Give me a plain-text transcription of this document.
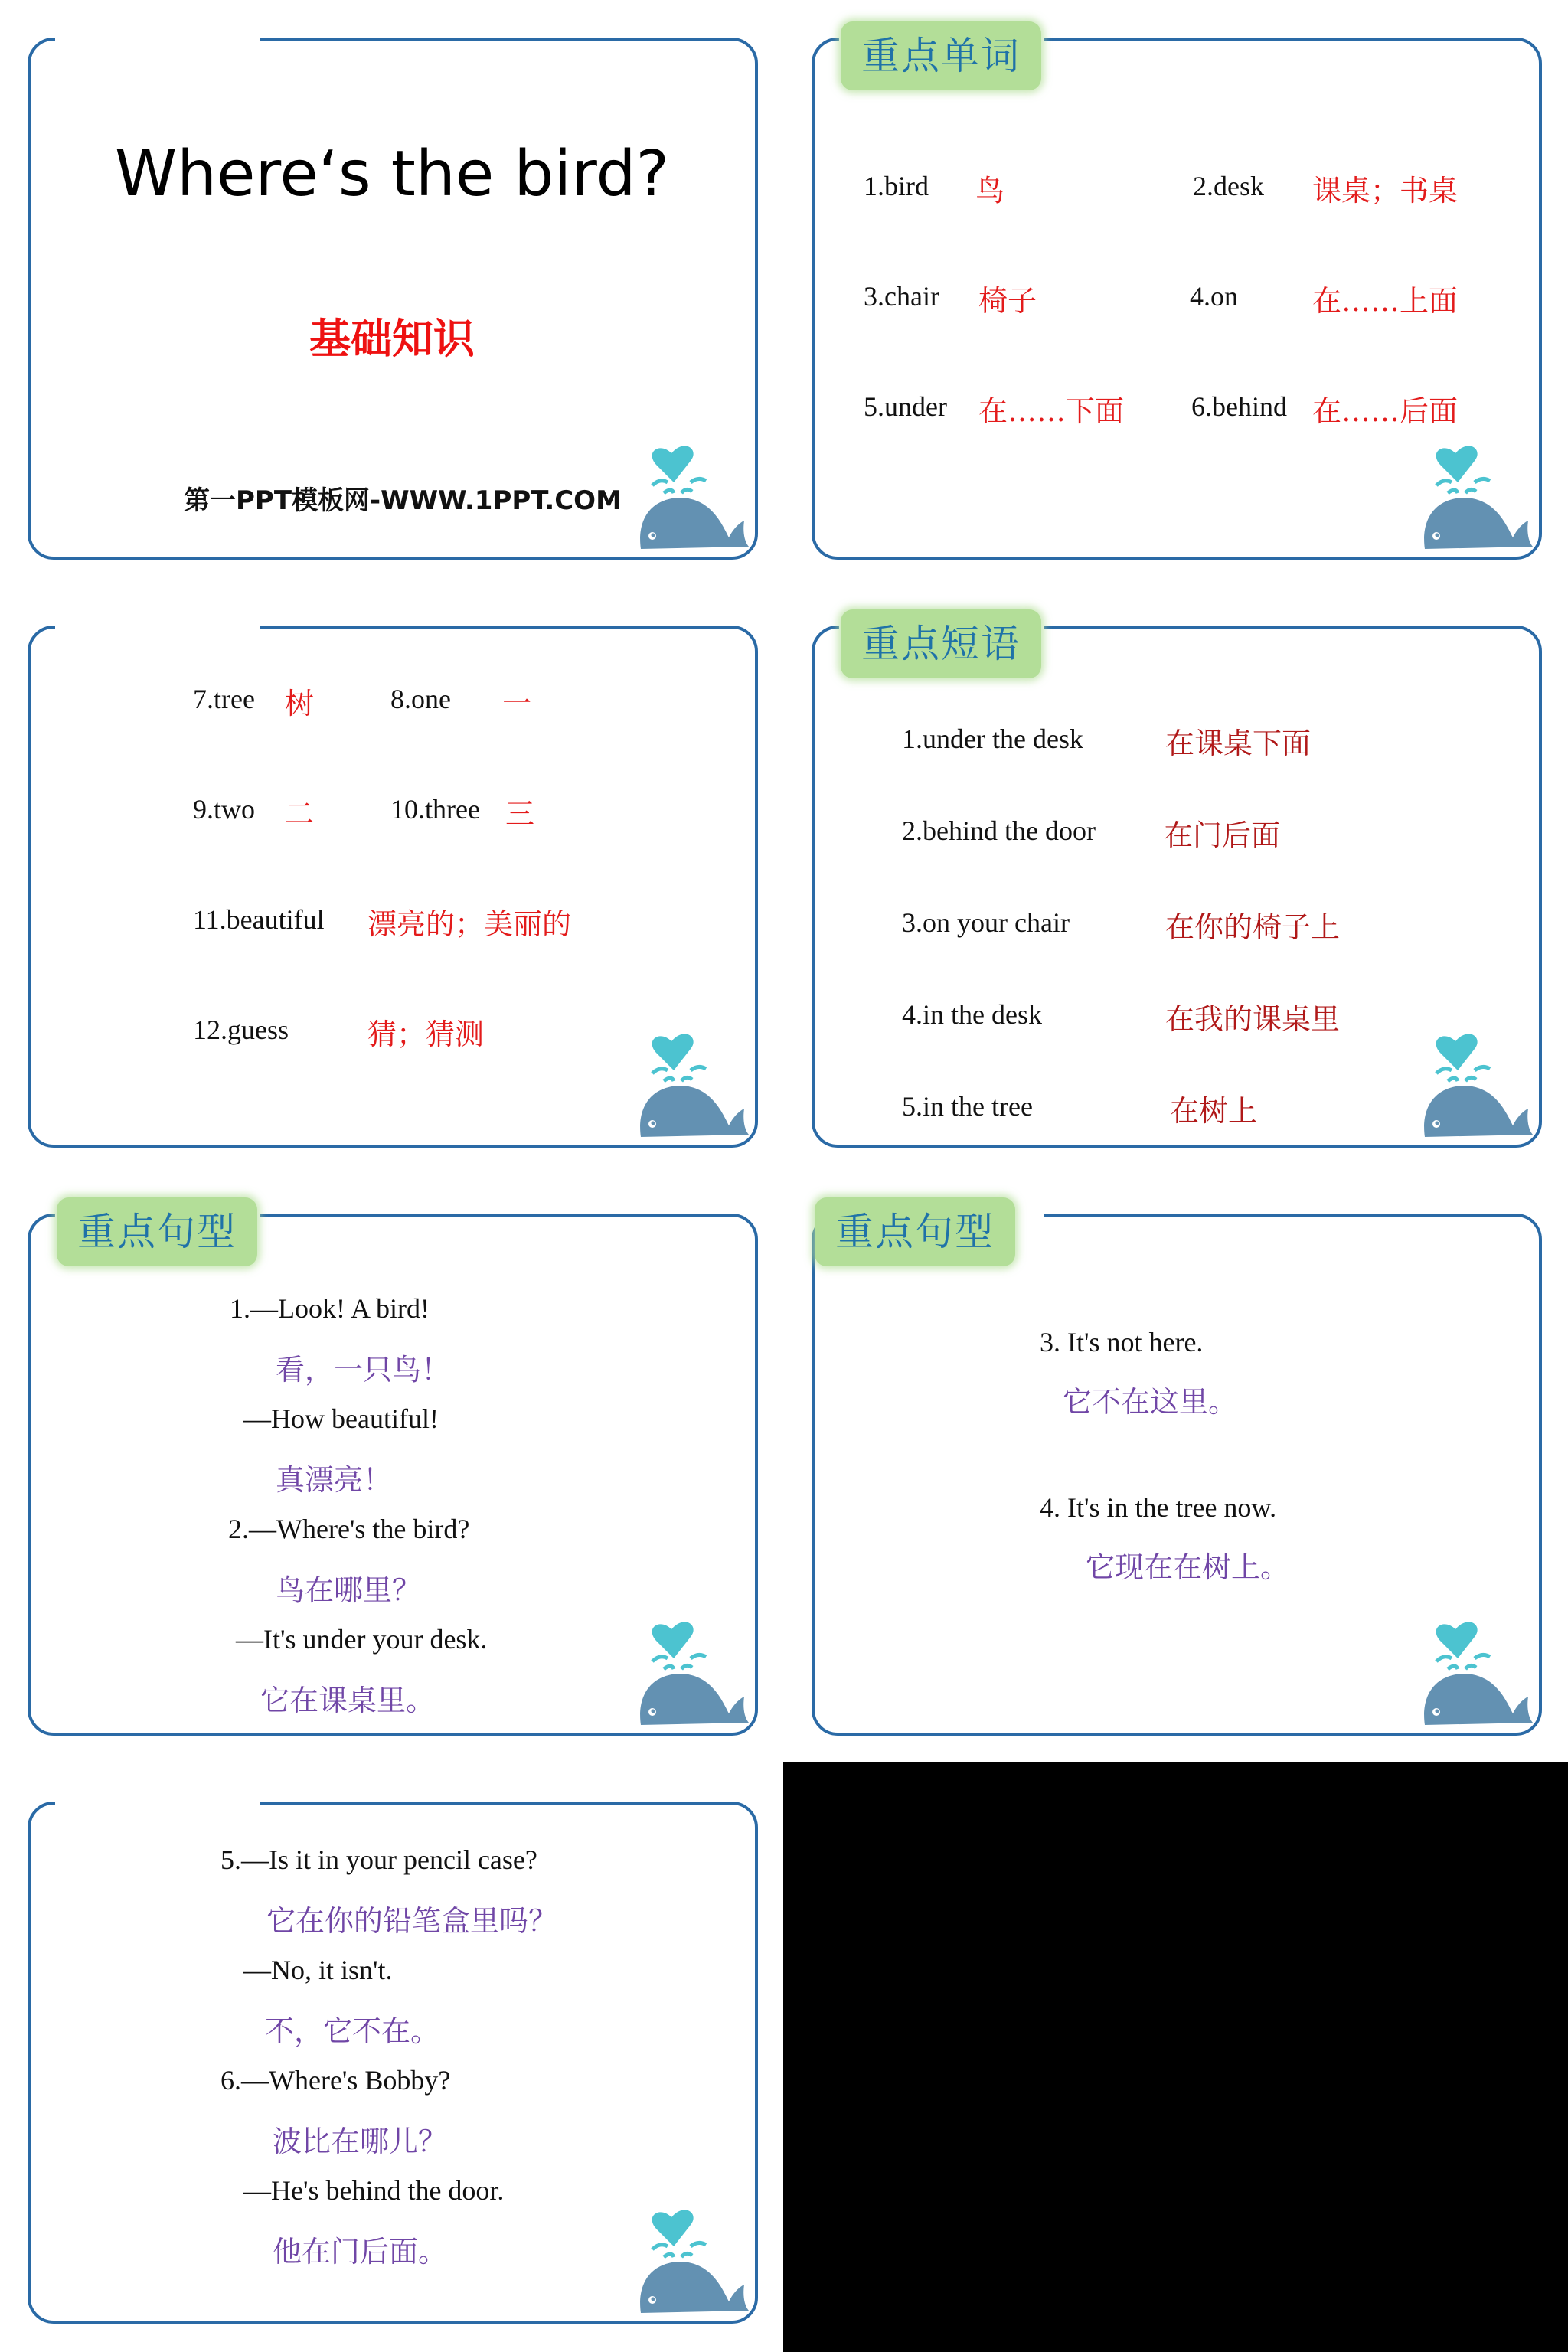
Where‘s the bird?
基础知识
第一PPT模板网-WWW.1PPT.COM
重点单词
1.bird 鸟	2.desk 课桌；书桌
3.chair 椅子	4.on	在……上面
5.under 在……下面 6.behind 在……后面
7.tree 树	8.one 一
9.two 二	10.three 三
11.beautiful 漂亮的；美丽的
12.guess	猜；猜测
重点短语
1.under the desk	在课桌下面
2.behind the door 在门后面
3.on your chair	在你的椅子上
4.in the desk	在我的课桌里
5.in the tree	在树上
重点句型
1.—Look! A bird!
看，一只鸟！
—How beautiful!
真漂亮！
2.—Where's the bird?
鸟在哪里？
—It's under your desk.
它在课桌里。
重点句型
3. It's not here.
它不在这里。
4. It's in the tree now.
它现在在树上。
5.—Is it in your pencil case?
它在你的铅笔盒里吗？
—No, it isn't.
不，它不在。
6.—Where's Bobby?
波比在哪儿？
—He's behind the door.
他在门后面。
